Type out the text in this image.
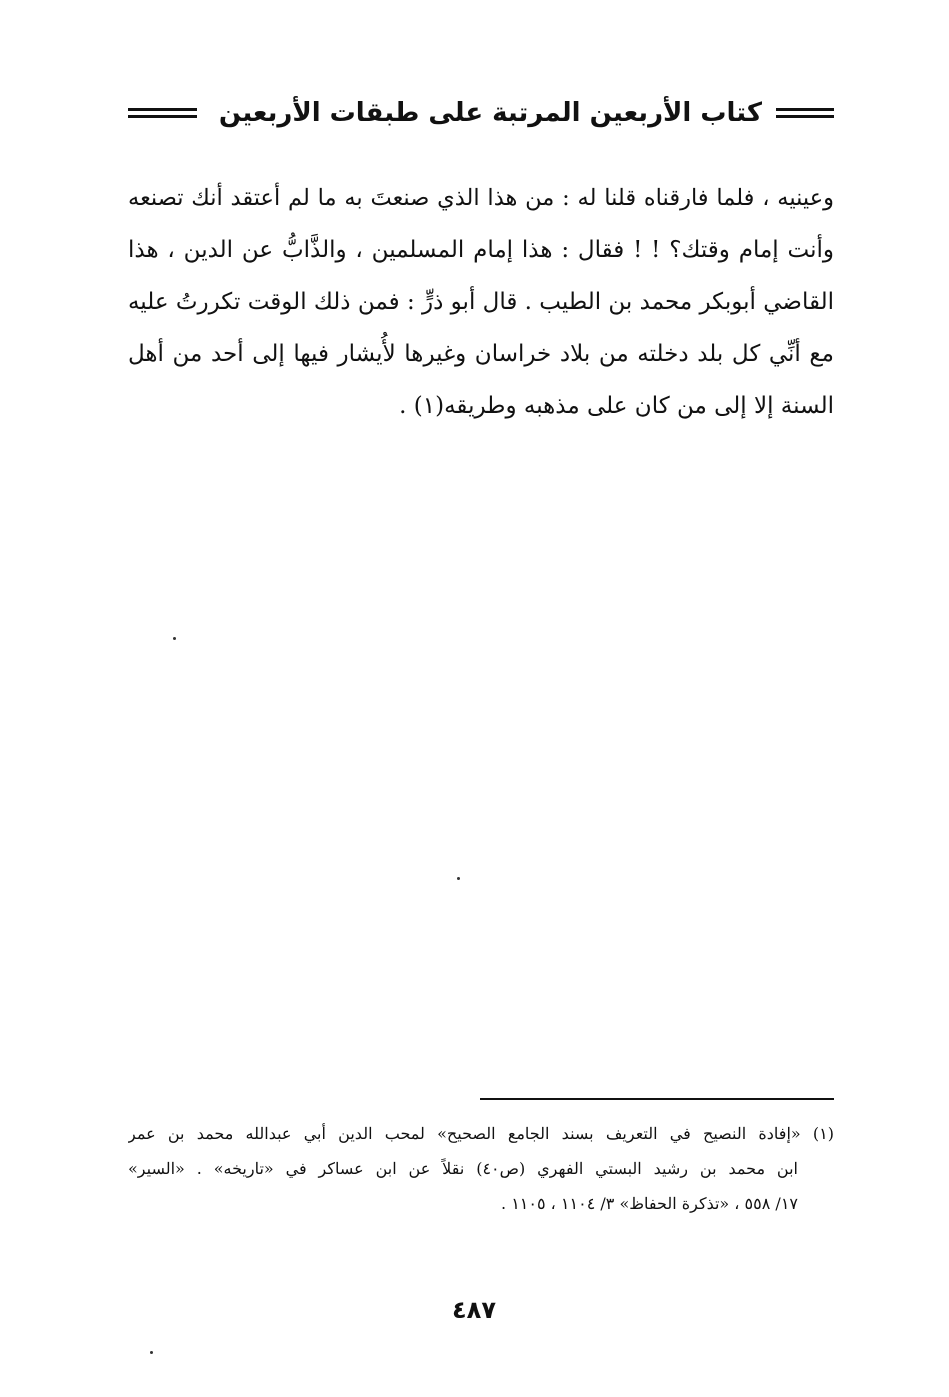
كتاب الأربعين المرتبة على طبقات الأربعين
وعينيه ، فلما فارقناه قلنا له : من هذا الذي صنعتَ به ما لم أعتقد أنك تصنعه
وأنت إمام وقتك؟ ! ! فقال : هذا إمام المسلمين ، والذَّابُّ عن الدين ، هذا
القاضي أبوبكر محمد بن الطيب . قال أبو ذرٍّ : فمن ذلك الوقت تكررتُ عليه
مع أنِّي كل بلد دخلته من بلاد خراسان وغيرها لأُيشار فيها إلى أحد من أهل
السنة إلا إلى من كان على مذهبه وطريقه(١) .
(١) «إفادة النصيح في التعريف بسند الجامع الصحيح» لمحب الدين أبي عبدالله محمد بن عمر
ابن محمد بن رشيد البستي الفهري (ص٤٠) نقلاً عن ابن عساكر في «تاريخه» . «السير»
١٧/ ٥٥٨ ، «تذكرة الحفاظ» ٣/ ١١٠٤ ، ١١٠٥ .
٤٨٧
